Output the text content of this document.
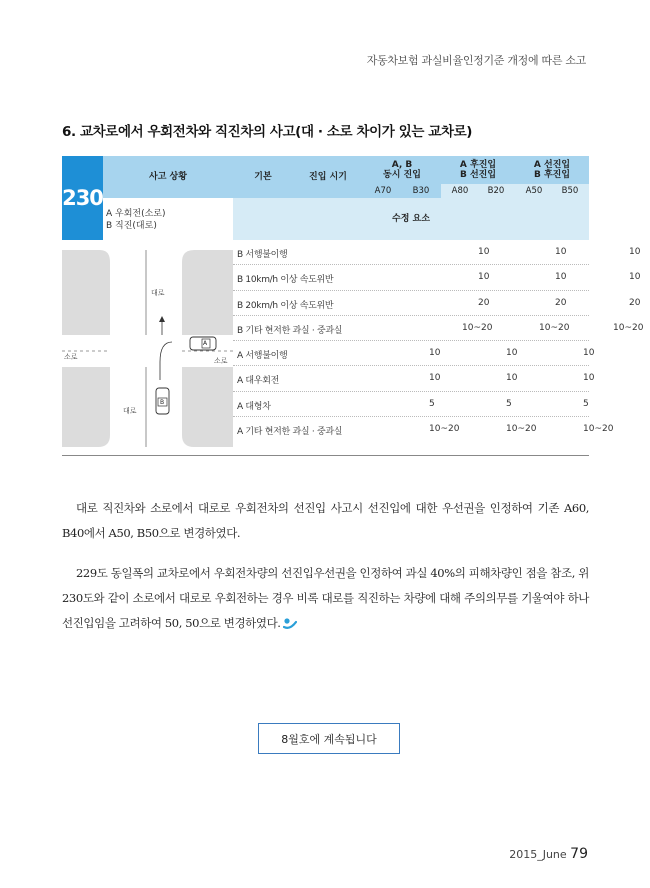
자동차보험 과실비율인정기준 개정에 따른 소고
6. 교차로에서 우회전차와 직진차의 사고(대 · 소로 차이가 있는 교차로)
230
사고 상황	기본	진입 시기
A, B
동시 진입
A 후진입
B 선진입
A 선진입
B 후진입
A70	B30	A80	B20	A50	B50
A 우회전(소로)
B 직진(대로)
수정 요소
A
B
대로
대로
소로	소로
B 서행불이행	10	10	10
B 10km/h 이상 속도위반	10	10	10
B 20km/h 이상 속도위반	20	20	20
B 기타 현저한 과실 · 중과실	10~20	10~20	10~20
A 서행불이행	10	10	10
A 대우회전	10	10	10
A 대형차	5	5	5
A 기타 현저한 과실 · 중과실	10~20	10~20	10~20
대로 직진차와 소로에서 대로로 우회전차의 선진입 사고시 선진입에 대한 우선권을 인정하여 기존 A60, B40에서 A50, B50으로 변경하였다.
229도 동일폭의 교차로에서 우회전차량의 선진입우선권을 인정하여 과실 40%의 피해차량인 점을 참조, 위 230도와 같이 소로에서 대로로 우회전하는 경우 비록 대로를 직진하는 차량에 대해 주의의무를 기울여야 하나 선진입임을 고려하여 50, 50으로 변경하였다.
8월호에 계속됩니다
2015_June 79
